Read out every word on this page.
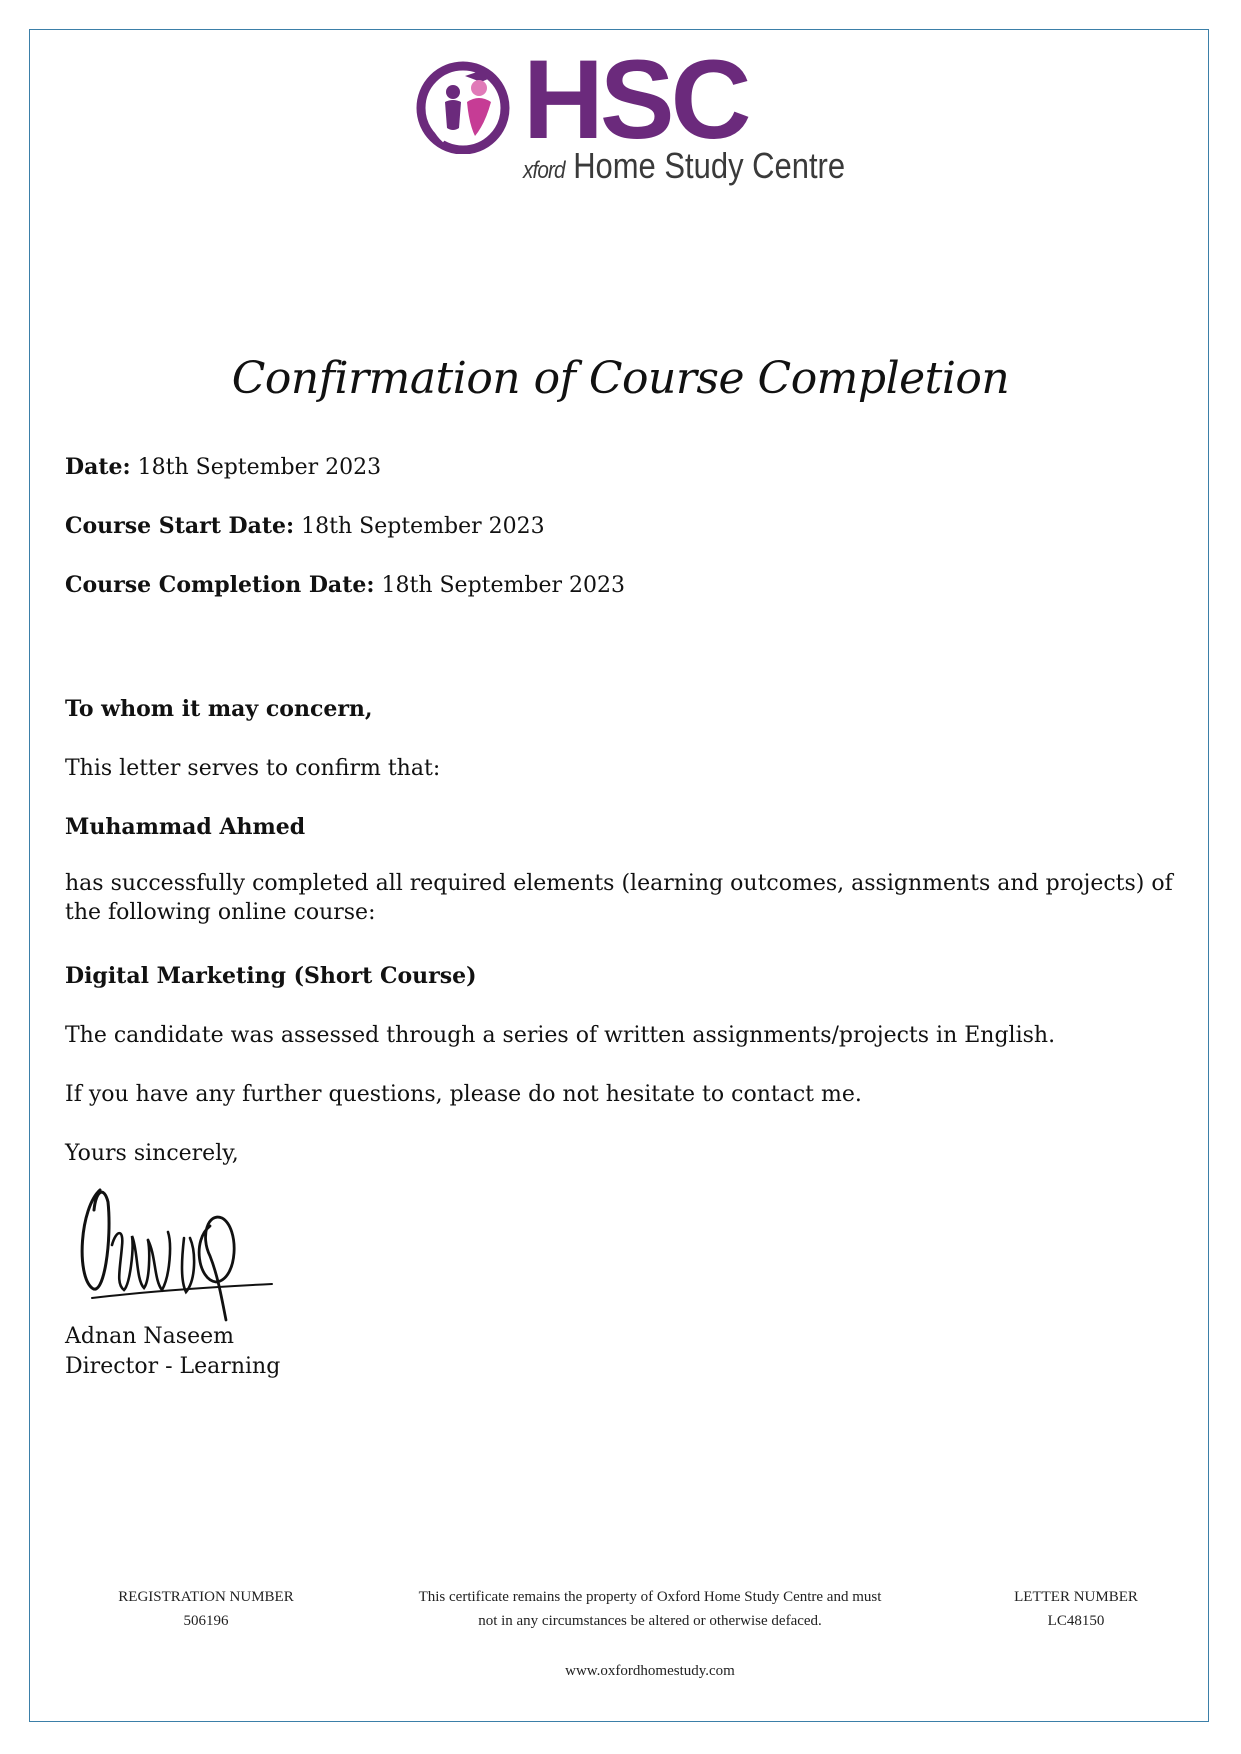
HSC
xford Home Study Centre
Confirmation of Course Completion
Date: 18th September 2023
Course Start Date: 18th September 2023
Course Completion Date: 18th September 2023
To whom it may concern,
This letter serves to confirm that:
Muhammad Ahmed
has successfully completed all required elements (learning outcomes, assignments and projects) of the following online course:
Digital Marketing (Short Course)
The candidate was assessed through a series of written assignments/projects in English.
If you have any further questions, please do not hesitate to contact me.
Yours sincerely,
Adnan Naseem
Director - Learning
REGISTRATION NUMBER
506196
This certificate remains the property of Oxford Home Study Centre and must
not in any circumstances be altered or otherwise defaced.
LETTER NUMBER
LC48150
www.oxfordhomestudy.com
